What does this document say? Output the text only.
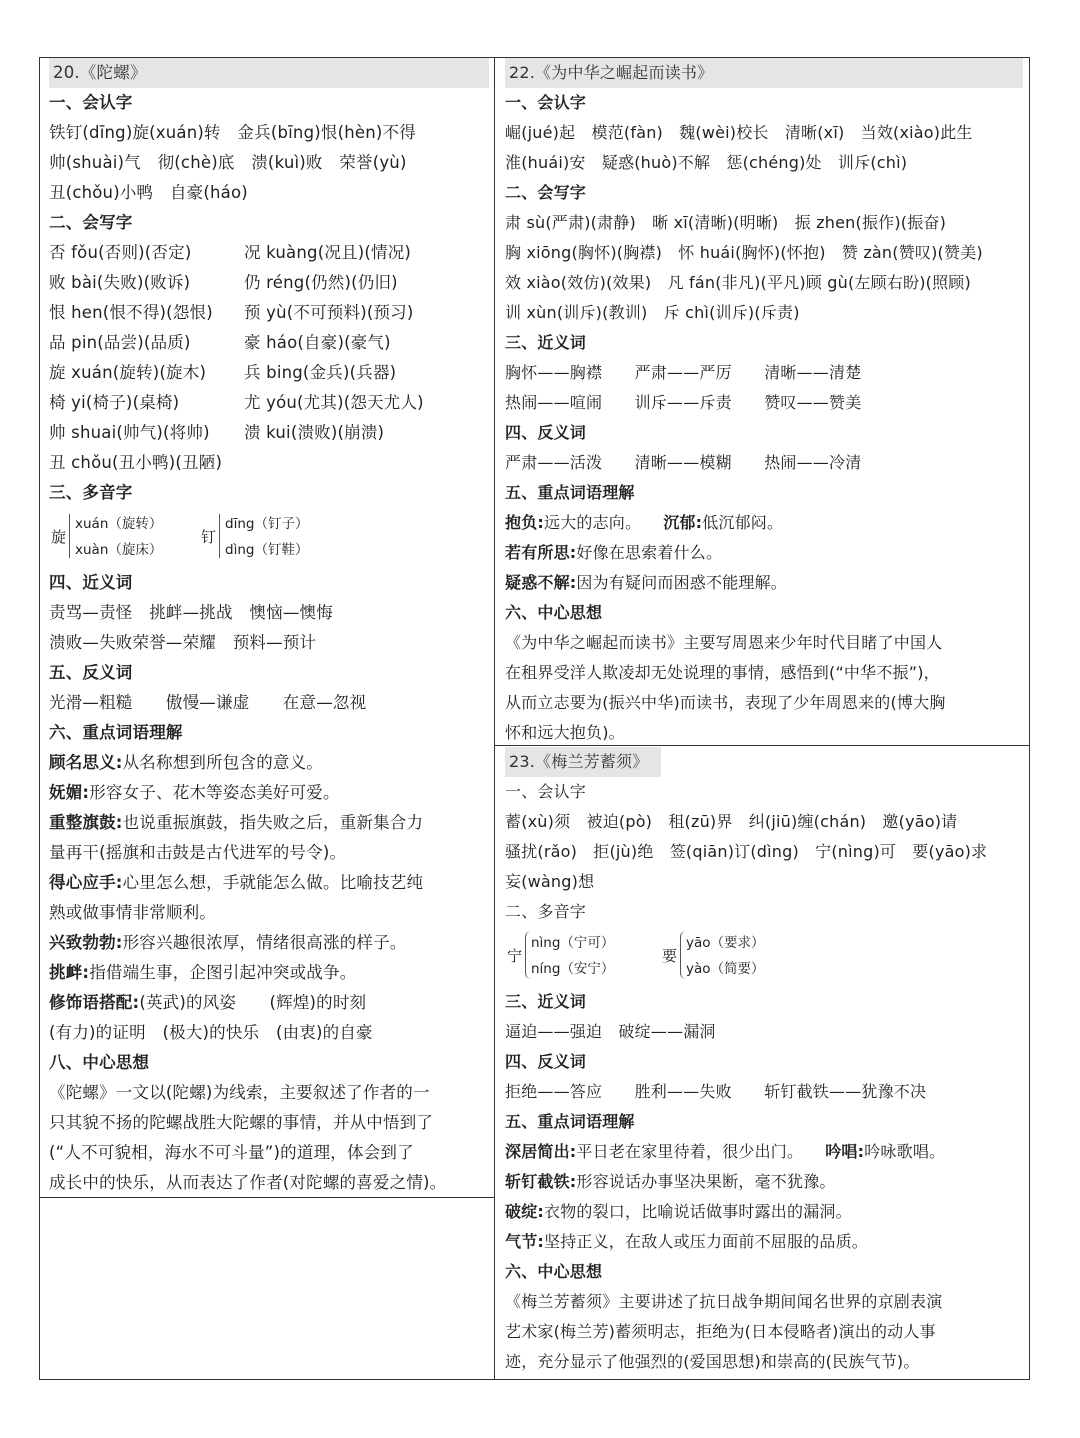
20.《陀螺》
一、会认字
铁钉(dīng)旋(xuán)转　金兵(bīng)恨(hèn)不得
帅(shuài)气　彻(chè)底　溃(kuì)败　荣誉(yù)
丑(chǒu)小鸭　自豪(háo)
二、会写字
否 fǒu(否则)(否定)	况 kuàng(况且)(情况)
败 bài(失败)(败诉)	仍 réng(仍然)(仍旧)
恨 hen(恨不得)(怨恨) 预 yù(不可预料)(预习)
品 pin(品尝)(品质)	豪 háo(自豪)(豪气)
旋 xuán(旋转)(旋木) 兵 bing(金兵)(兵器)
椅 yi(椅子)(桌椅)	尤 yóu(尤其)(怨天尤人)
帅 shuai(帅气)(将帅) 溃 kui(溃败)(崩溃)
丑 chǒu(丑小鸭)(丑陋)
三、多音字
旋
xuán（旋转）
xuàn（旋床）
钉
dīng（钉子）
dìng（钉鞋）
四、近义词
责骂—责怪　挑衅—挑战　懊恼—懊悔
溃败—失败荣誉—荣耀　预料—预计
五、反义词
光滑—粗糙　　傲慢—谦虚　　在意—忽视
六、重点词语理解
顾名思义:从名称想到所包含的意义。
妩媚:形容女子、花木等姿态美好可爱。
重整旗鼓:也说重振旗鼓，指失败之后，重新集合力
量再干(摇旗和击鼓是古代进军的号令)。
得心应手:心里怎么想，手就能怎么做。比喻技艺纯
熟或做事情非常顺利。
兴致勃勃:形容兴趣很浓厚，情绪很高涨的样子。
挑衅:指借端生事，企图引起冲突或战争。
修饰语搭配:(英武)的风姿　　(辉煌)的时刻
(有力)的证明　(极大)的快乐　(由衷)的自豪
八、中心思想
《陀螺》一文以(陀螺)为线索，主要叙述了作者的一
只其貌不扬的陀螺战胜大陀螺的事情，并从中悟到了
(“人不可貌相，海水不可斗量”)的道理，体会到了
成长中的快乐，从而表达了作者(对陀螺的喜爱之情)。
22.《为中华之崛起而读书》
一、会认字
崛(jué)起　模范(fàn)　魏(wèi)校长　清晰(xī)　当效(xiào)此生
淮(huái)安　疑惑(huò)不解　惩(chéng)处　训斥(chì)
二、会写字
肃 sù(严肃)(肃静)　晰 xī(清晰)(明晰)　振 zhen(振作)(振奋)
胸 xiōng(胸怀)(胸襟)　怀 huái(胸怀)(怀抱)　赞 zàn(赞叹)(赞美)
效 xiào(效仿)(效果)　凡 fán(非凡)(平凡)顾 gù(左顾右盼)(照顾)
训 xùn(训斥)(教训)　斥 chì(训斥)(斥责)
三、近义词
胸怀——胸襟　　严肃——严厉　　清晰——清楚
热闹——喧闹　　训斥——斥责　　赞叹——赞美
四、反义词
严肃——活泼　　清晰——模糊　　热闹——冷清
五、重点词语理解
抱负:远大的志向。 沉郁:低沉郁闷。
若有所思:好像在思索着什么。
疑惑不解:因为有疑问而困惑不能理解。
六、中心思想
《为中华之崛起而读书》主要写周恩来少年时代目睹了中国人
在租界受洋人欺凌却无处说理的事情，感悟到(“中华不振”)，
从而立志要为(振兴中华)而读书，表现了少年周恩来的(博大胸
怀和远大抱负)。
23.《梅兰芳蓄须》
一、会认字
蓄(xù)须　被迫(pò)　租(zū)界　纠(jiū)缠(chán)　邀(yāo)请
骚扰(rǎo)　拒(jù)绝　签(qiān)订(dìng)　宁(nìng)可　要(yāo)求
妄(wàng)想
二、多音字
宁
nìng（宁可）
níng（安宁）
要
yāo（要求）
yào（简要）
三、近义词
逼迫——强迫　破绽——漏洞
四、反义词
拒绝——答应　　胜利——失败　　斩钉截铁——犹豫不决
五、重点词语理解
深居简出:平日老在家里待着，很少出门。 吟唱:吟咏歌唱。
斩钉截铁:形容说话办事坚决果断，毫不犹豫。
破绽:衣物的裂口，比喻说话做事时露出的漏洞。
气节:坚持正义，在敌人或压力面前不屈服的品质。
六、中心思想
《梅兰芳蓄须》主要讲述了抗日战争期间闻名世界的京剧表演
艺术家(梅兰芳)蓄须明志，拒绝为(日本侵略者)演出的动人事
迹，充分显示了他强烈的(爱国思想)和崇高的(民族气节)。
